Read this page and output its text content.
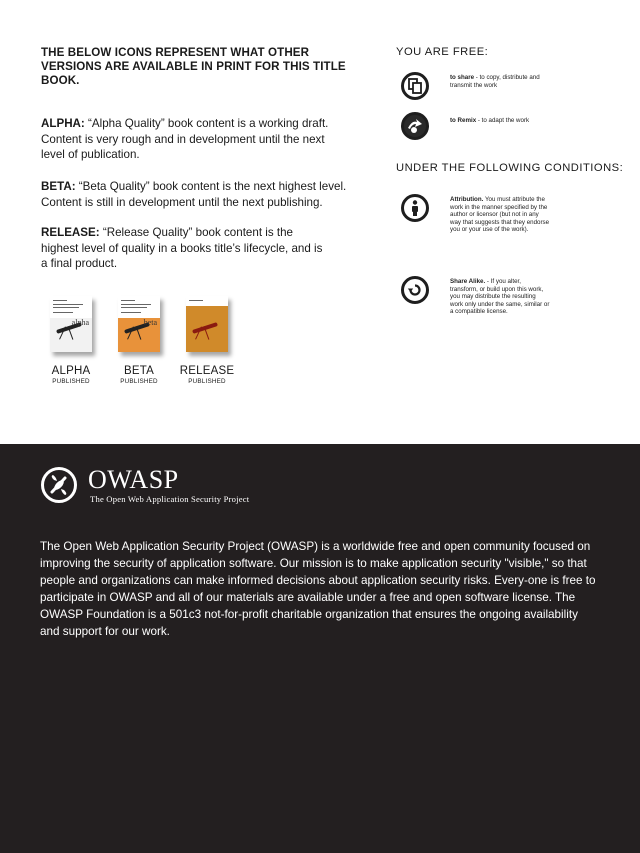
THE BELOW ICONS REPRESENT WHAT OTHER VERSIONS ARE AVAILABLE IN PRINT FOR THIS TITLE BOOK.

ALPHA: “Alpha Quality” book content is a working draft. Content is very rough and in development until the next level of publication.

BETA: “Beta Quality” book content is the next highest level. Content is still in development until the next publishing.

RELEASE: “Release Quality” book content is the highest level of quality in a books title’s lifecycle, and is a final product.

alpha
ALPHA
PUBLISHED
beta
BETA
PUBLISHED
RELEASE
PUBLISHED
YOU ARE FREE:

to share - to copy, distribute and transmit the work

to Remix - to adapt the work

UNDER THE FOLLOWING CONDITIONS:

Attribution. You must attribute the work in the manner specified by the author or licensor (but not in any way that suggests that they endorse you or your use of the work).

Share Alike. - If you alter, transform, or build upon this work, you may distribute the resulting work only under the same, similar or a compatible license.

OWASP
The Open Web Application Security Project

The Open Web Application Security Project (OWASP) is a worldwide free and open community focused on improving the security of application software. Our mission is to make application security "visible," so that people and organizations can make informed decisions about application security risks. Every-one is free to participate in OWASP and all of our materials are available under a free and open software license. The OWASP Foundation is a 501c3 not-for-profit charitable organization that ensures the ongoing availability and support for our work.
